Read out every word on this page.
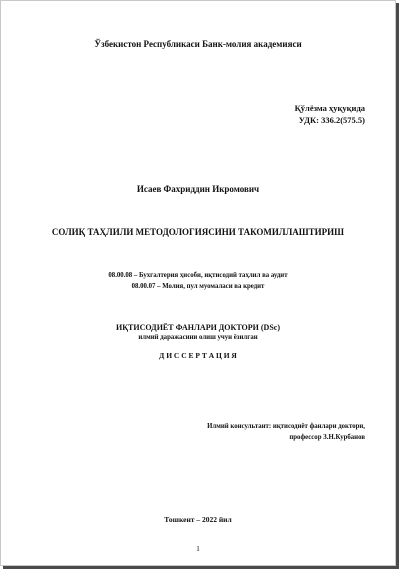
Ўзбекистон Республикаси Банк-молия академияси
Қўлёзма ҳуқуқида
УДК: 336.2(575.5)
Исаев Фахриддин Икромович
СОЛИҚ ТАҲЛИЛИ МЕТОДОЛОГИЯСИНИ ТАКОМИЛЛАШТИРИШ
08.00.08 – Бухгалтерия ҳисоби, иқтисодий таҳлил ва аудит
08.00.07 – Молия, пул муомаласи ва кредит
ИҚТИСОДИЁТ ФАНЛАРИ ДОКТОРИ (DSc)
илмий даражасини олиш учун ёзилган
Д И С С Е Р Т А Ц И Я
Илмий консультант: иқтисодиёт фанлари доктори,
профессор З.Н.Курбанов
Тошкент – 2022 йил
1
